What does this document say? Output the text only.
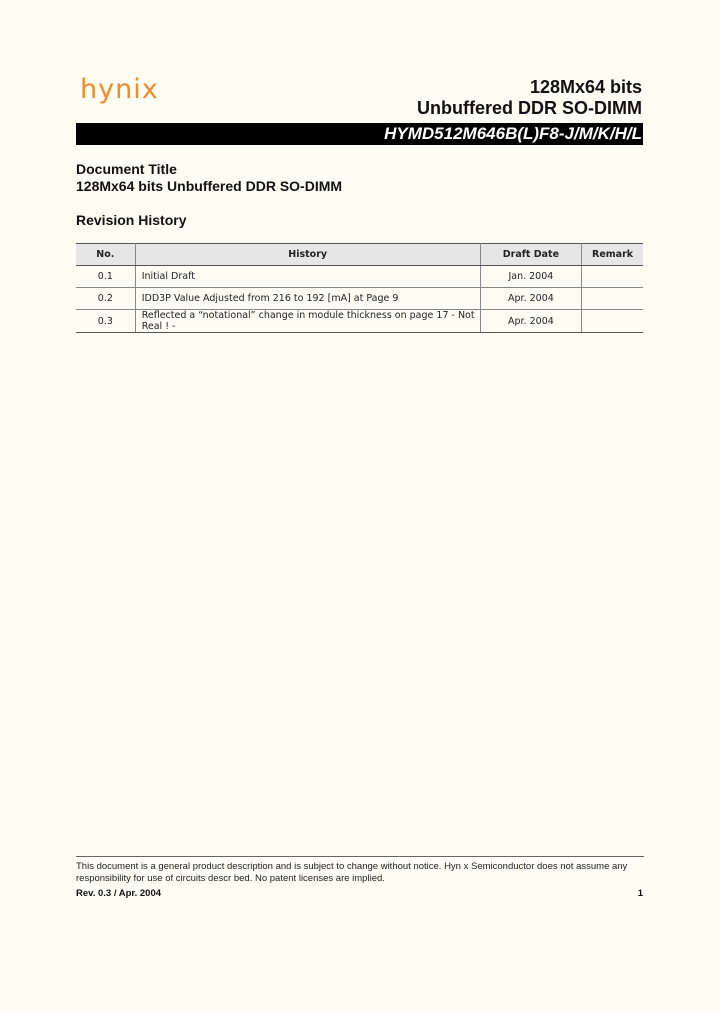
hynix	128Mx64 bits
Unbuffered DDR SO-DIMM
HYMD512M646B(L)F8-J/M/K/H/L
Document Title
128Mx64 bits Unbuffered DDR SO-DIMM
Revision History
No.	History	Draft Date	Remark
0.1	Initial Draft	Jan. 2004	
0.2	IDD3P Value Adjusted from 216 to 192 [mA] at Page 9	Apr. 2004	
0.3	Reflected a “notational” change in module thickness on page 17 - Not Real ! -	Apr. 2004	
This document is a general product description and is subject to change without notice. Hyn x Semiconductor does not assume any responsibility for use of circuits descr bed. No patent licenses are implied.
Rev. 0.3 / Apr. 2004	1
